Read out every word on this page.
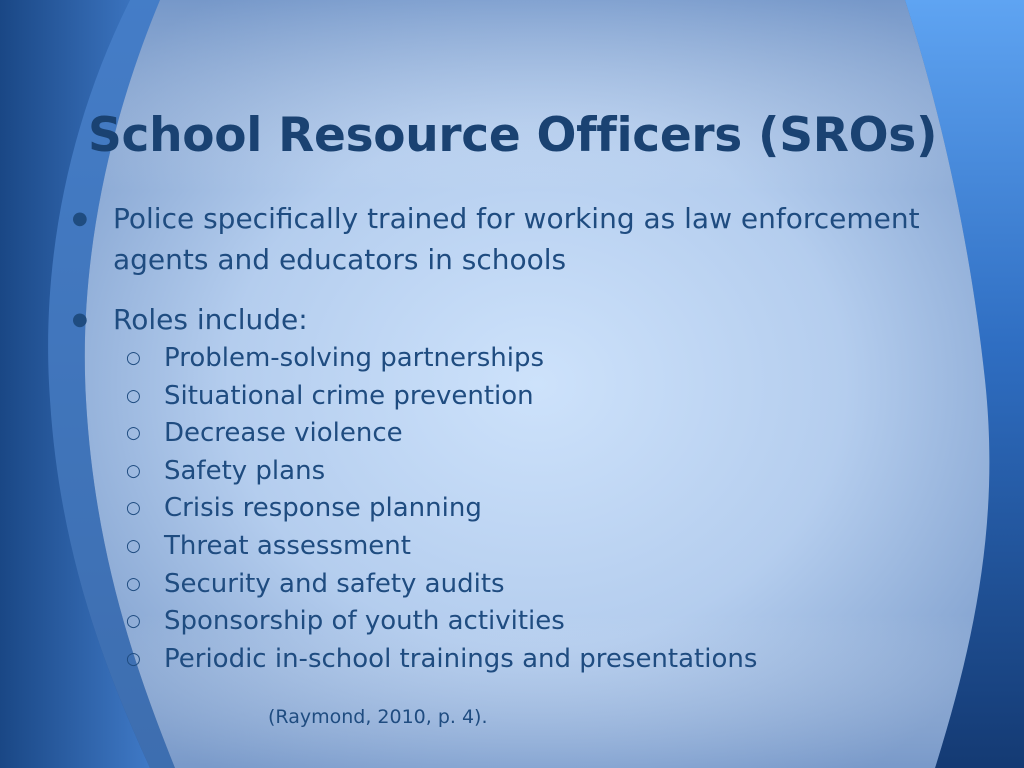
School Resource Officers (SROs)
● Police specifically trained for working as law enforcement agents and educators in schools
● Roles include:
○ Problem-solving partnerships
○ Situational crime prevention
○ Decrease violence
○ Safety plans
○ Crisis response planning
○ Threat assessment
○ Security and safety audits
○ Sponsorship of youth activities
○ Periodic in-school trainings and presentations
(Raymond, 2010, p. 4).
